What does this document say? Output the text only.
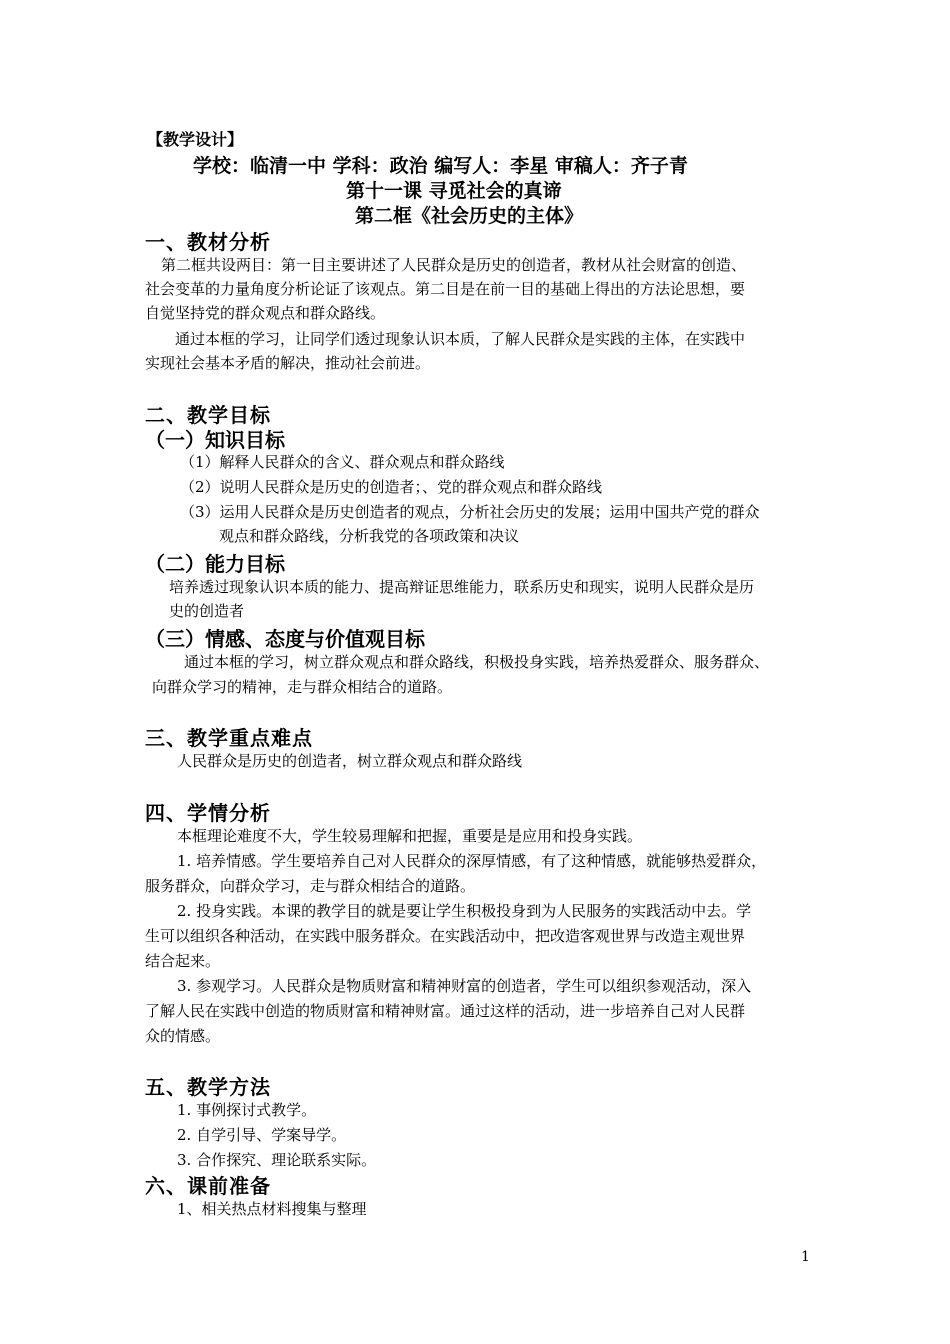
【教学设计】
学校：临清一中 学科：政治 编写人：李星 审稿人：齐子青
第十一课 寻觅社会的真谛
第二框《社会历史的主体》
一、教材分析
第二框共设两目：第一目主要讲述了人民群众是历史的创造者，教材从社会财富的创造、
社会变革的力量角度分析论证了该观点。第二目是在前一目的基础上得出的方法论思想，要
自觉坚持党的群众观点和群众路线。
通过本框的学习，让同学们透过现象认识本质，了解人民群众是实践的主体，在实践中
实现社会基本矛盾的解决，推动社会前进。
二、教学目标
（一）知识目标
（1）解释人民群众的含义、群众观点和群众路线
（2）说明人民群众是历史的创造者；、党的群众观点和群众路线
（3）运用人民群众是历史创造者的观点，分析社会历史的发展；运用中国共产党的群众
观点和群众路线，分析我党的各项政策和决议
（二）能力目标
培养透过现象认识本质的能力、提高辩证思维能力，联系历史和现实，说明人民群众是历
史的创造者
（三）情感、态度与价值观目标
通过本框的学习，树立群众观点和群众路线，积极投身实践，培养热爱群众、服务群众、
向群众学习的精神，走与群众相结合的道路。
三、教学重点难点
人民群众是历史的创造者，树立群众观点和群众路线
四、学情分析
本框理论难度不大，学生较易理解和把握，重要是是应用和投身实践。
1. 培养情感。学生要培养自己对人民群众的深厚情感，有了这种情感，就能够热爱群众，
服务群众，向群众学习，走与群众相结合的道路。
2. 投身实践。本课的教学目的就是要让学生积极投身到为人民服务的实践活动中去。学
生可以组织各种活动，在实践中服务群众。在实践活动中，把改造客观世界与改造主观世界
结合起来。
3. 参观学习。人民群众是物质财富和精神财富的创造者，学生可以组织参观活动，深入
了解人民在实践中创造的物质财富和精神财富。通过这样的活动，进一步培养自己对人民群
众的情感。
五、教学方法
1. 事例探讨式教学。
2. 自学引导、学案导学。
3. 合作探究、理论联系实际。
六、课前准备
1、相关热点材料搜集与整理
1
